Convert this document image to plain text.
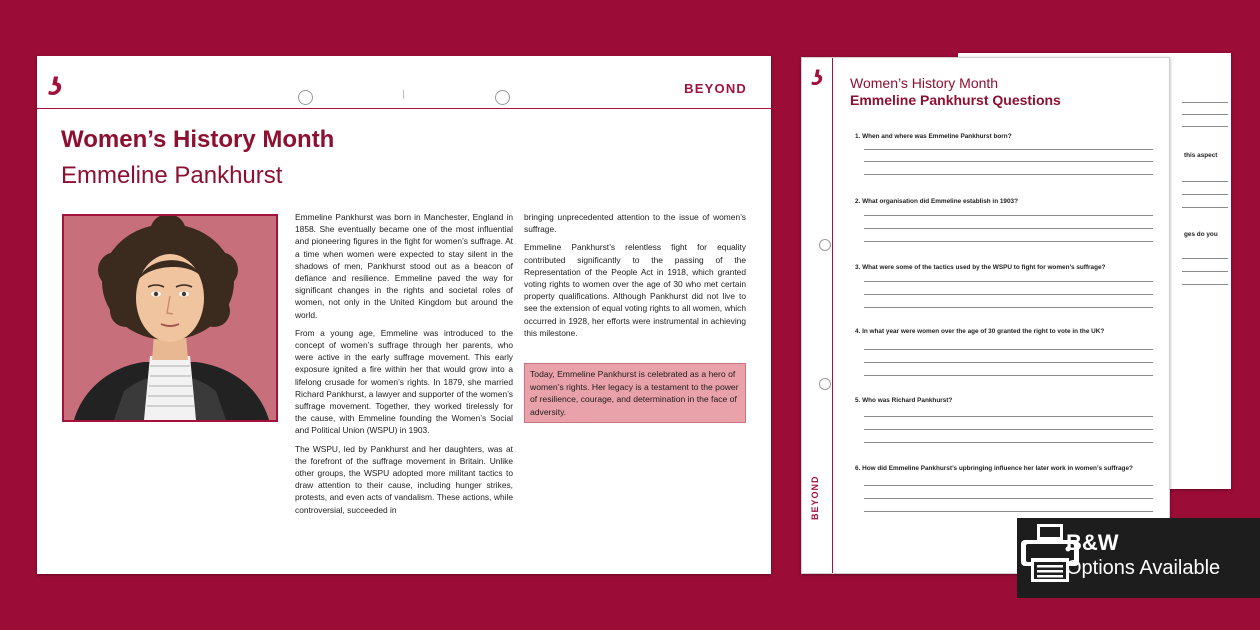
ʖ	BEYOND
Women’s History Month
Emmeline Pankhurst

Emmeline Pankhurst was born in Manchester, England in 1858. She eventually became one of the most influential and pioneering figures in the fight for women’s suffrage. At a time when women were expected to stay silent in the shadows of men, Pankhurst stood out as a beacon of defiance and resilience. Emmeline paved the way for significant changes in the rights and societal roles of women, not only in the United Kingdom but around the world.

From a young age, Emmeline was introduced to the concept of women’s suffrage through her parents, who were active in the early suffrage movement. This early exposure ignited a fire within her that would grow into a lifelong crusade for women’s rights. In 1879, she married Richard Pankhurst, a lawyer and supporter of the women’s suffrage movement. Together, they worked tirelessly for the cause, with Emmeline founding the Women’s Social and Political Union (WSPU) in 1903.

The WSPU, led by Pankhurst and her daughters, was at the forefront of the suffrage movement in Britain. Unlike other groups, the WSPU adopted more militant tactics to draw attention to their cause, including hunger strikes, protests, and even acts of vandalism. These actions, while controversial, succeeded in

bringing unprecedented attention to the issue of women’s suffrage.

Emmeline Pankhurst’s relentless fight for equality contributed significantly to the passing of the Representation of the People Act in 1918, which granted voting rights to women over the age of 30 who met certain property qualifications. Although Pankhurst did not live to see the extension of equal voting rights to all women, which occurred in 1928, her efforts were instrumental in achieving this milestone.

Today, Emmeline Pankhurst is celebrated as a hero of women’s rights. Her legacy is a testament to the power of resilience, courage, and determination in the face of adversity.
this aspect
ges do you
ʖ Women’s History Month
Emmeline Pankhurst Questions
1. When and where was Emmeline Pankhurst born?
2. What organisation did Emmeline establish in 1903?
3. What were some of the tactics used by the WSPU to fight for women’s suffrage?
4. In what year were women over the age of 30 granted the right to vote in the UK?
5. Who was Richard Pankhurst?
6. How did Emmeline Pankhurst’s upbringing influence her later work in women’s suffrage?
BEYOND
B&W
Options Available
